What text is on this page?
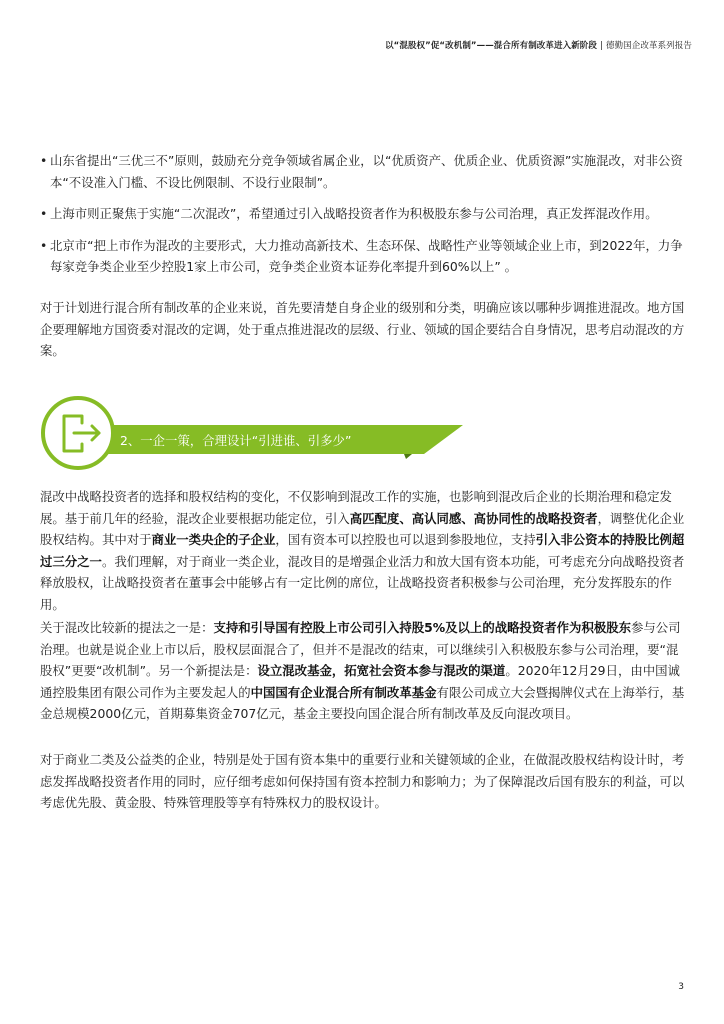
以“混股权”促“改机制”——混合所有制改革进入新阶段 | 德勤国企改革系列报告
• 山东省提出“三优三不”原则，鼓励充分竞争领域省属企业，以“优质资产、优质企业、优质资源”实施混改，对非公资本“不设准入门槛、不设比例限制、不设行业限制”。
• 上海市则正聚焦于实施“二次混改”，希望通过引入战略投资者作为积极股东参与公司治理，真正发挥混改作用。
• 北京市“把上市作为混改的主要形式，大力推动高新技术、生态环保、战略性产业等领域企业上市，到2022年，力争每家竞争类企业至少控股1家上市公司，竞争类企业资本证券化率提升到60%以上” 。
对于计划进行混合所有制改革的企业来说，首先要清楚自身企业的级别和分类，明确应该以哪种步调推进混改。地方国企要理解地方国资委对混改的定调，处于重点推进混改的层级、行业、领域的国企要结合自身情况，思考启动混改的方案。
2、一企一策，合理设计“引进谁、引多少”
混改中战略投资者的选择和股权结构的变化，不仅影响到混改工作的实施，也影响到混改后企业的长期治理和稳定发展。基于前几年的经验，混改企业要根据功能定位，引入高匹配度、高认同感、高协同性的战略投资者，调整优化企业股权结构。其中对于商业一类央企的子企业，国有资本可以控股也可以退到参股地位，支持引入非公资本的持股比例超过三分之一。我们理解，对于商业一类企业，混改目的是增强企业活力和放大国有资本功能，可考虑充分向战略投资者释放股权，让战略投资者在董事会中能够占有一定比例的席位，让战略投资者积极参与公司治理，充分发挥股东的作用。
关于混改比较新的提法之一是：支持和引导国有控股上市公司引入持股5%及以上的战略投资者作为积极股东参与公司治理。也就是说企业上市以后，股权层面混合了，但并不是混改的结束，可以继续引入积极股东参与公司治理，要“混股权”更要“改机制”。另一个新提法是：设立混改基金，拓宽社会资本参与混改的渠道。2020年12月29日，由中国诚通控股集团有限公司作为主要发起人的中国国有企业混合所有制改革基金有限公司成立大会暨揭牌仪式在上海举行，基金总规模2000亿元，首期募集资金707亿元，基金主要投向国企混合所有制改革及反向混改项目。
对于商业二类及公益类的企业，特别是处于国有资本集中的重要行业和关键领域的企业，在做混改股权结构设计时，考虑发挥战略投资者作用的同时，应仔细考虑如何保持国有资本控制力和影响力；为了保障混改后国有股东的利益，可以考虑优先股、黄金股、特殊管理股等享有特殊权力的股权设计。
3
